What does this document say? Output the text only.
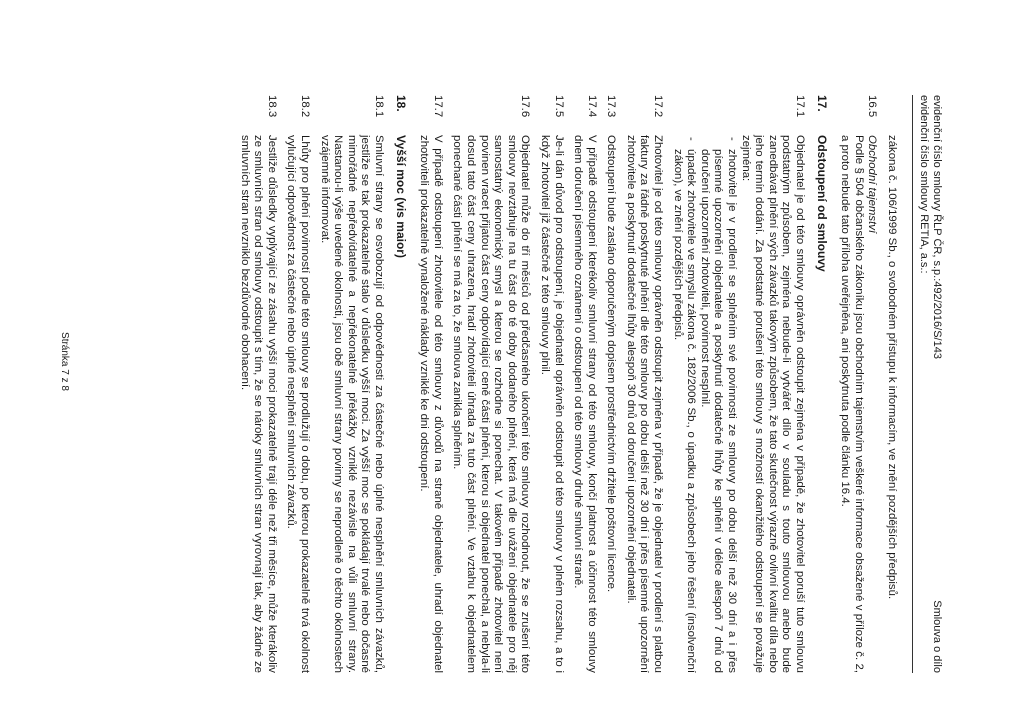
evidenční číslo smlouvy ŘLP ČR, s.p.:492/2016/S/143
evidenční číslo smlouvy RETIA, a.s.:
Smlouva o dílo
zákona č. 106/1999 Sb., o svobodném přístupu k informacím, ve znění pozdějších předpisů.
16.5
Obchodní tajemství
Podle § 504 občanského zákoníku jsou obchodním tajemstvím veškeré informace obsažené v příloze č. 2, a proto nebude tato příloha uveřejněna, ani poskytnuta podle článku 16.4.
17.
Odstoupení od smlouvy
17.1
Objednatel je od této smlouvy oprávněn odstoupit zejména v případě, že zhotovitel poruší tuto smlouvu podstatným způsobem, zejména nebude-li vytvářet dílo v souladu s touto smlouvou anebo bude zanedbávat plnění svých závazků takovým způsobem, že tato skutečnost výrazně ovlivní kvalitu díla nebo jeho termín dodání. Za podstatné porušení této smlouvy s možností okamžitého odstoupení se považuje zejména:
-
zhotovitel je v prodlení se splněním své povinnosti ze smlouvy po dobu delší než 30 dní a i přes písemné upozornění objednatele a poskytnutí dodatečné lhůty ke splnění v délce alespoň 7 dnů od doručení upozornění zhotoviteli, povinnost nesplnil.
-
úpadek zhotovitele ve smyslu zákona č. 182/2006 Sb., o úpadku a způsobech jeho řešení (insolvenční zákon), ve znění pozdějších předpisů.
17.2
Zhotovitel je od této smlouvy oprávněn odstoupit zejména v případě, že je objednatel v prodlení s platbou faktury za řádně poskytnuté plnění dle této smlouvy po dobu delší než 30 dní i přes písemné upozornění zhotovitele a poskytnutí dodatečné lhůty alespoň 30 dnů od doručení upozornění objednateli.
17.3
Odstoupení bude zasláno doporučeným dopisem prostřednictvím držitele poštovní licence.
17.4
V případě odstoupení kterékoliv smluvní strany od této smlouvy, končí platnost a účinnost této smlouvy dnem doručení písemného oznámení o odstoupení od této smlouvy druhé smluvní straně.
17.5
Je-li dán důvod pro odstoupení, je objednatel oprávněn odstoupit od této smlouvy v plném rozsahu, a to i když zhotovitel již částečně z této smlouvy plnil.
17.6
Objednatel může do tří měsíců od předčasného ukončení této smlouvy rozhodnout, že se zrušení této smlouvy nevztahuje na tu část do té doby dodaného plnění, která má dle uvážení objednatele pro něj samostatný ekonomický smysl a kterou se rozhodne si ponechat. V takovém případě zhotovitel není povinen vracet přijatou část ceny odpovídající ceně části plnění, kterou si objednatel ponechal, a nebyla-li dosud tato část ceny uhrazena, hradí zhotoviteli úhrada za tuto část plnění. Ve vztahu k objednatelem ponechané části plnění se má za to, že smlouva zanikla splněním.
17.7
V případě odstoupení zhotovitele od této smlouvy z důvodů na straně objednatele, uhradí objednatel zhotoviteli prokazatelně vynaložené náklady vzniklé ke dni odstoupení.
18.
Vyšší moc (vis maior)
18.1
Smluvní strany se osvobozují od odpovědnosti za částečné nebo úplné nesplnění smluvních závazků, jestliže se tak prokazatelně stalo v důsledku vyšší moci. Za vyšší moc se pokládají trvalé nebo dočasné mimořádné nepředvídatelné a nepřekonatelné překážky vzniklé nezávisle na vůli smluvní strany. Nastanou-li výše uvedené okolnosti, jsou obě smluvní strany povinny se neprodleně o těchto okolnostech vzájemně informovat.
18.2
Lhůty pro plnění povinností podle této smlouvy se prodlužují o dobu, po kterou prokazatelně trvá okolnost vylučující odpovědnost za částečné nebo úplné nesplnění smluvních závazků.
18.3
Jestliže důsledky vyplývající ze zásahu vyšší moci prokazatelně trají déle než tři měsíce, může kterákoliv ze smluvních stran od smlouvy odstoupit s tím, že se nároky smluvních stran vyrovnají tak, aby žádné ze smluvních stran nevzniklo bezdůvodné obohacení.
Stránka 7 z 8
